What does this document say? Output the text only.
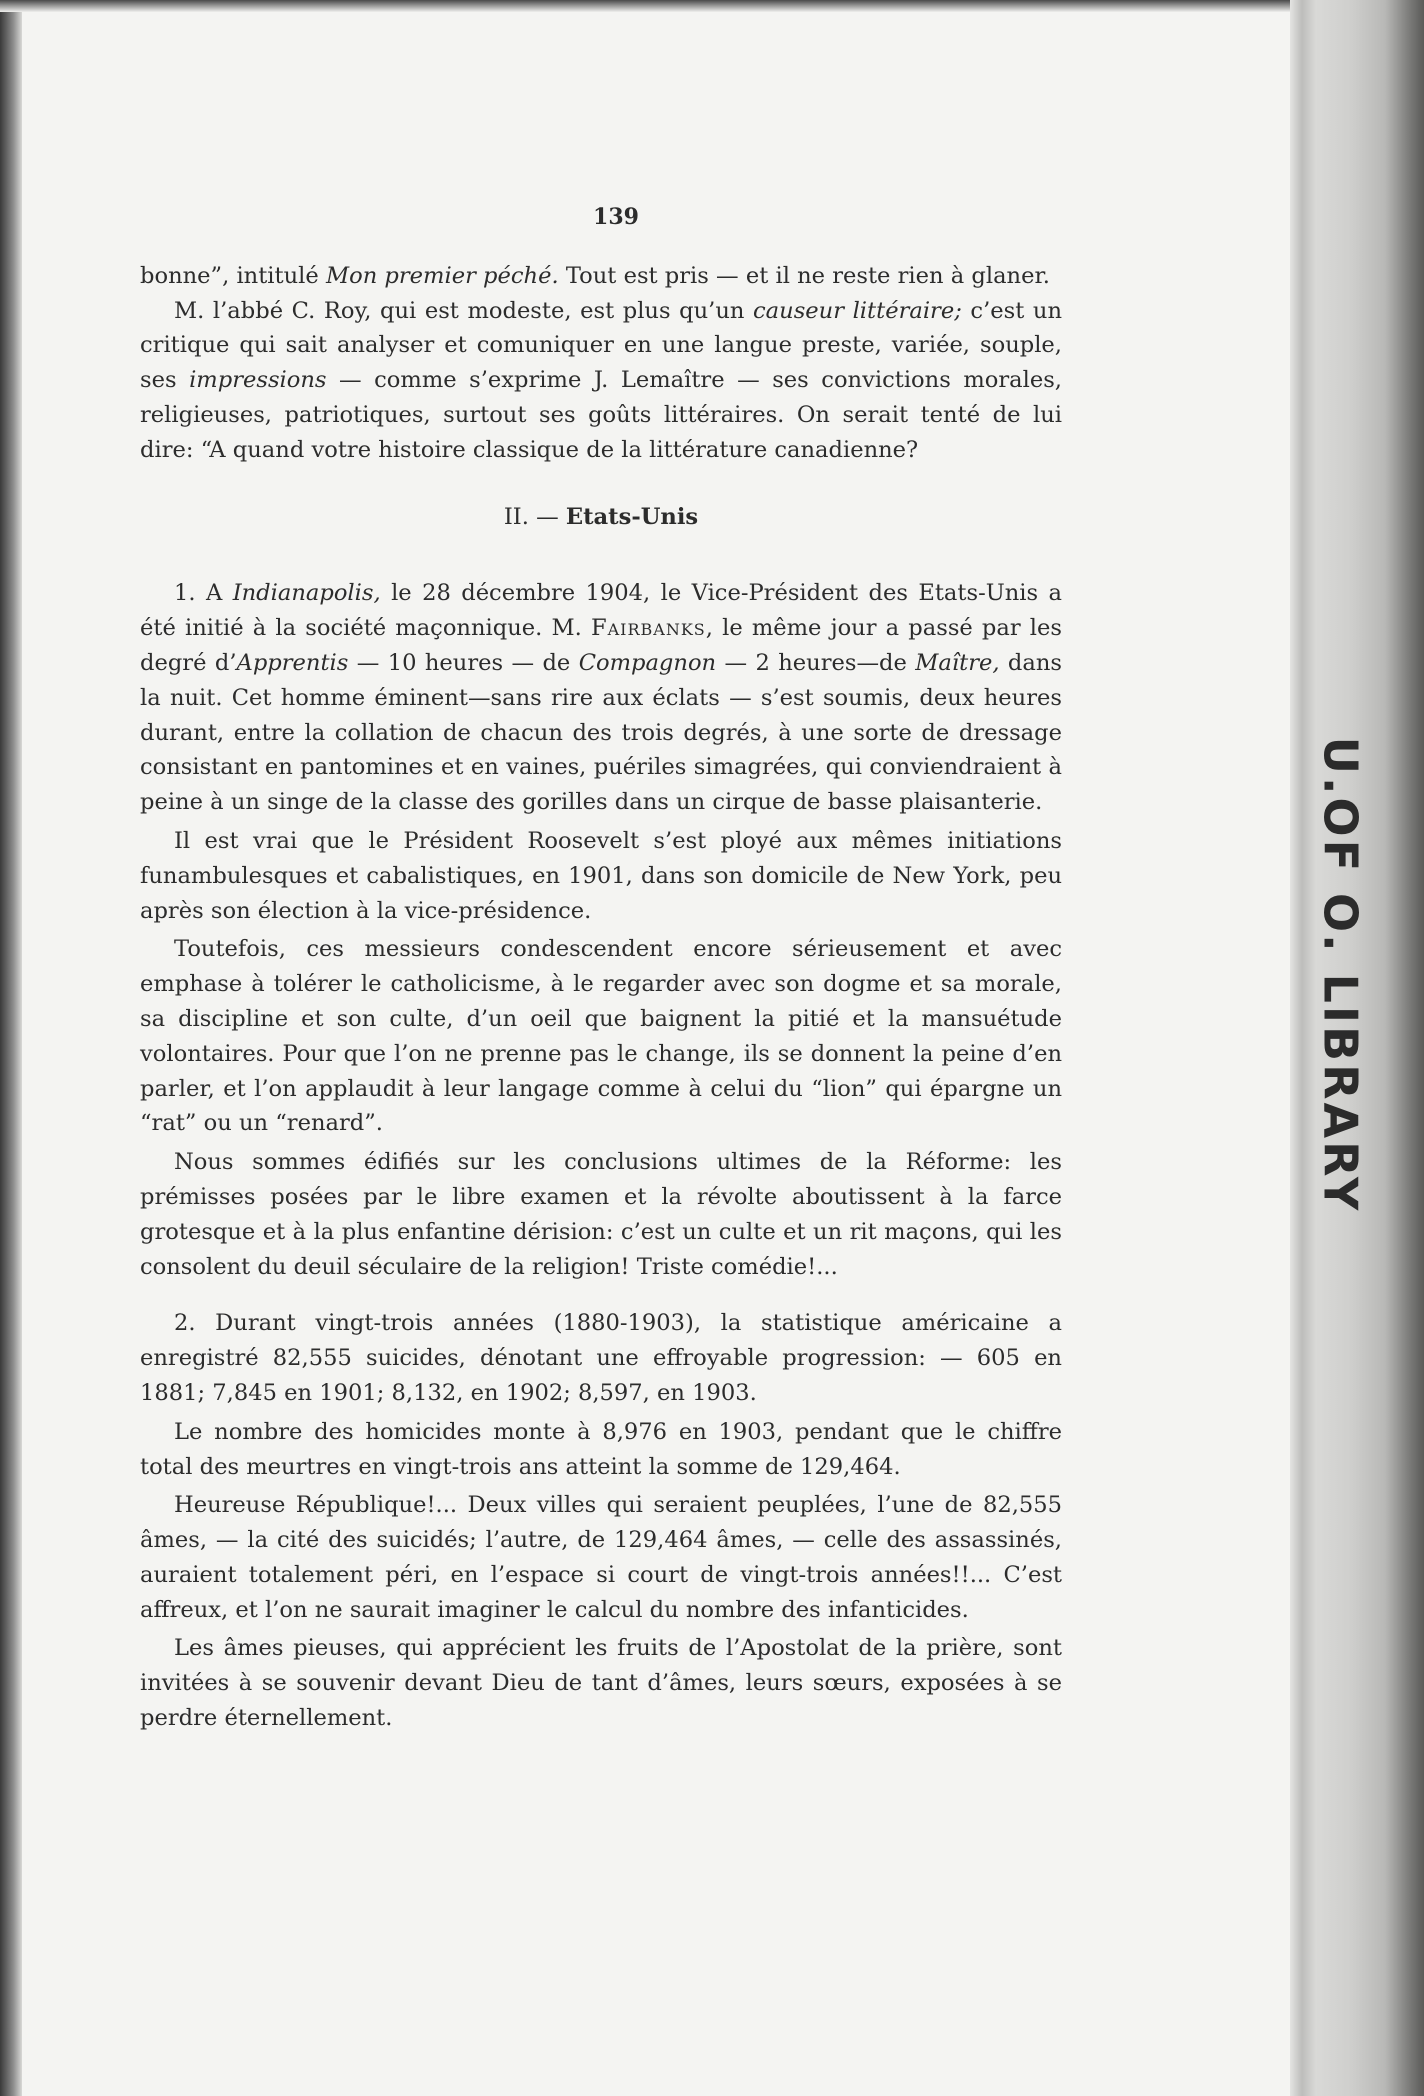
U.OF O. LIBRARY
139

bonne”, intitulé Mon premier péché. Tout est pris — et il ne reste rien à glaner.

M. l’abbé C. Roy, qui est modeste, est plus qu’un causeur littéraire; c’est un critique qui sait analyser et comuniquer en une langue preste, variée, souple, ses impressions — comme s’exprime J. Lemaître — ses convictions morales, religieuses, patriotiques, surtout ses goûts littéraires. On serait tenté de lui dire: “A quand votre histoire classique de la littérature canadienne?

II. — Etats-Unis

1. A Indianapolis, le 28 décembre 1904, le Vice-Président des Etats-Unis a été initié à la société maçonnique. M. Fairbanks, le même jour a passé par les degré d’Apprentis — 10 heures — de Compagnon — 2 heures—de Maître, dans la nuit. Cet homme éminent—sans rire aux éclats — s’est soumis, deux heures durant, entre la collation de chacun des trois degrés, à une sorte de dressage consistant en pantomines et en vaines, puériles simagrées, qui conviendraient à peine à un singe de la classe des gorilles dans un cirque de basse plaisanterie.

Il est vrai que le Président Roosevelt s’est ployé aux mêmes initiations funambulesques et cabalistiques, en 1901, dans son domicile de New York, peu après son élection à la vice-présidence.

Toutefois, ces messieurs condescendent encore sérieusement et avec emphase à tolérer le catholicisme, à le regarder avec son dogme et sa morale, sa discipline et son culte, d’un oeil que baignent la pitié et la mansuétude volontaires. Pour que l’on ne prenne pas le change, ils se donnent la peine d’en parler, et l’on applaudit à leur langage comme à celui du “lion” qui épargne un “rat” ou un “renard”.

Nous sommes édifiés sur les conclusions ultimes de la Réforme: les prémisses posées par le libre examen et la révolte aboutissent à la farce grotesque et à la plus enfantine dérision: c’est un culte et un rit maçons, qui les consolent du deuil séculaire de la religion! Triste comédie!...

2. Durant vingt-trois années (1880-1903), la statistique américaine a enregistré 82,555 suicides, dénotant une effroyable progression: — 605 en 1881; 7,845 en 1901; 8,132, en 1902; 8,597, en 1903.

Le nombre des homicides monte à 8,976 en 1903, pendant que le chiffre total des meurtres en vingt-trois ans atteint la somme de 129,464.

Heureuse République!... Deux villes qui seraient peuplées, l’une de 82,555 âmes, — la cité des suicidés; l’autre, de 129,464 âmes, — celle des assassinés, auraient totalement péri, en l’espace si court de vingt-trois années!!... C’est affreux, et l’on ne saurait imaginer le calcul du nombre des infanticides.

Les âmes pieuses, qui apprécient les fruits de l’Apostolat de la prière, sont invitées à se souvenir devant Dieu de tant d’âmes, leurs sœurs, exposées à se perdre éternellement.
